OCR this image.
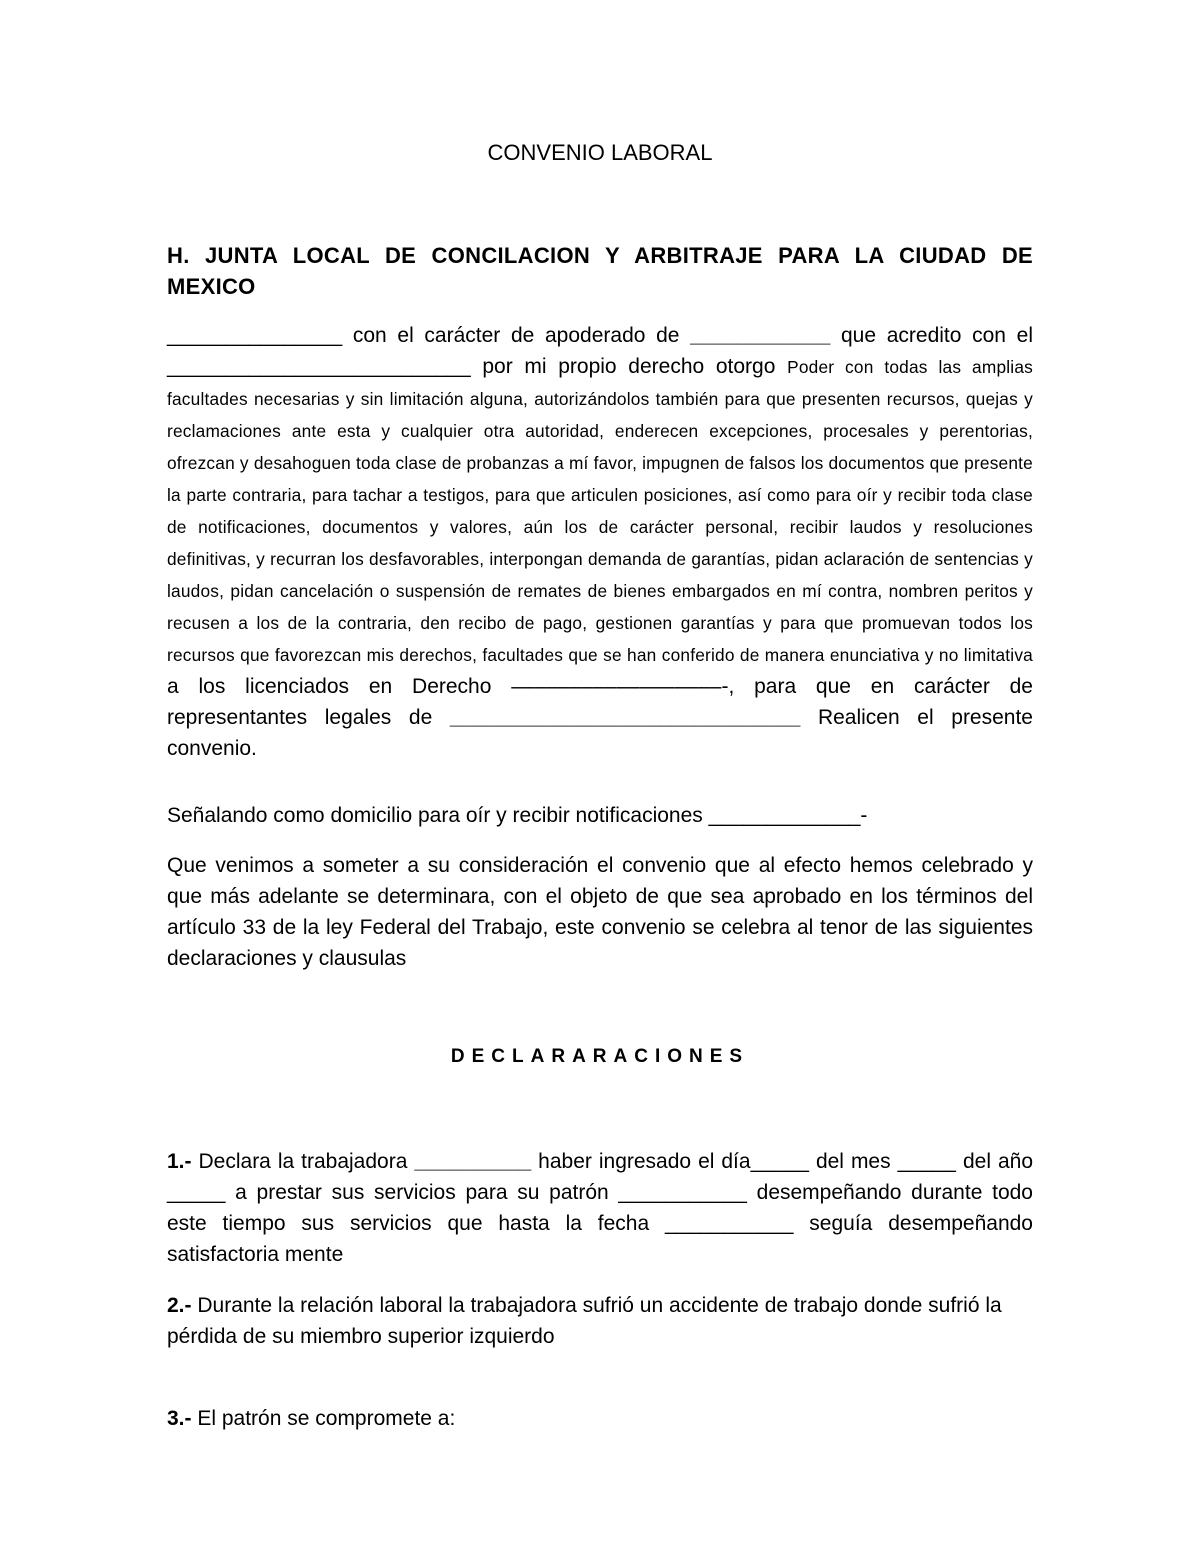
CONVENIO LABORAL
H. JUNTA LOCAL DE CONCILACION Y ARBITRAJE PARA LA CIUDAD DE MEXICO
_______________ con el carácter de apoderado de ____________ que acredito con el __________________________ por mi propio derecho otorgo Poder con todas las amplias facultades necesarias y sin limitación alguna, autorizándolos también para que presenten recursos, quejas y reclamaciones ante esta y cualquier otra autoridad, enderecen excepciones, procesales y perentorias, ofrezcan y desahoguen toda clase de probanzas a mí favor, impugnen de falsos los documentos que presente la parte contraria, para tachar a testigos, para que articulen posiciones, así como para oír y recibir toda clase de notificaciones, documentos y valores, aún los de carácter personal, recibir laudos y resoluciones definitivas, y recurran los desfavorables, interpongan demanda de garantías, pidan aclaración de sentencias y laudos, pidan cancelación o suspensión de remates de bienes embargados en mí contra, nombren peritos y recusen a los de la contraria, den recibo de pago, gestionen garantías y para que promuevan todos los recursos que favorezcan mis derechos, facultades que se han conferido de manera enunciativa y no limitativa a los licenciados en Derecho ––––––––––––––––––-, para que en carácter de representantes legales de ______________________________ Realicen el presente convenio.
Señalando como domicilio para oír y recibir notificaciones _____________-
Que venimos a someter a su consideración el convenio que al efecto hemos celebrado y que más adelante se determinara, con el objeto de que sea aprobado en los términos del artículo 33 de la ley Federal del Trabajo, este convenio se celebra al tenor de las siguientes declaraciones y clausulas
DECLARARACIONES
1.- Declara la trabajadora __________ haber ingresado el día_____ del mes _____ del año _____ a prestar sus servicios para su patrón ___________ desempeñando durante todo este tiempo sus servicios que hasta la fecha ___________ seguía desempeñando satisfactoria mente
2.- Durante la relación laboral la trabajadora sufrió un accidente de trabajo donde sufrió la pérdida de su miembro superior izquierdo
3.- El patrón se compromete a:
